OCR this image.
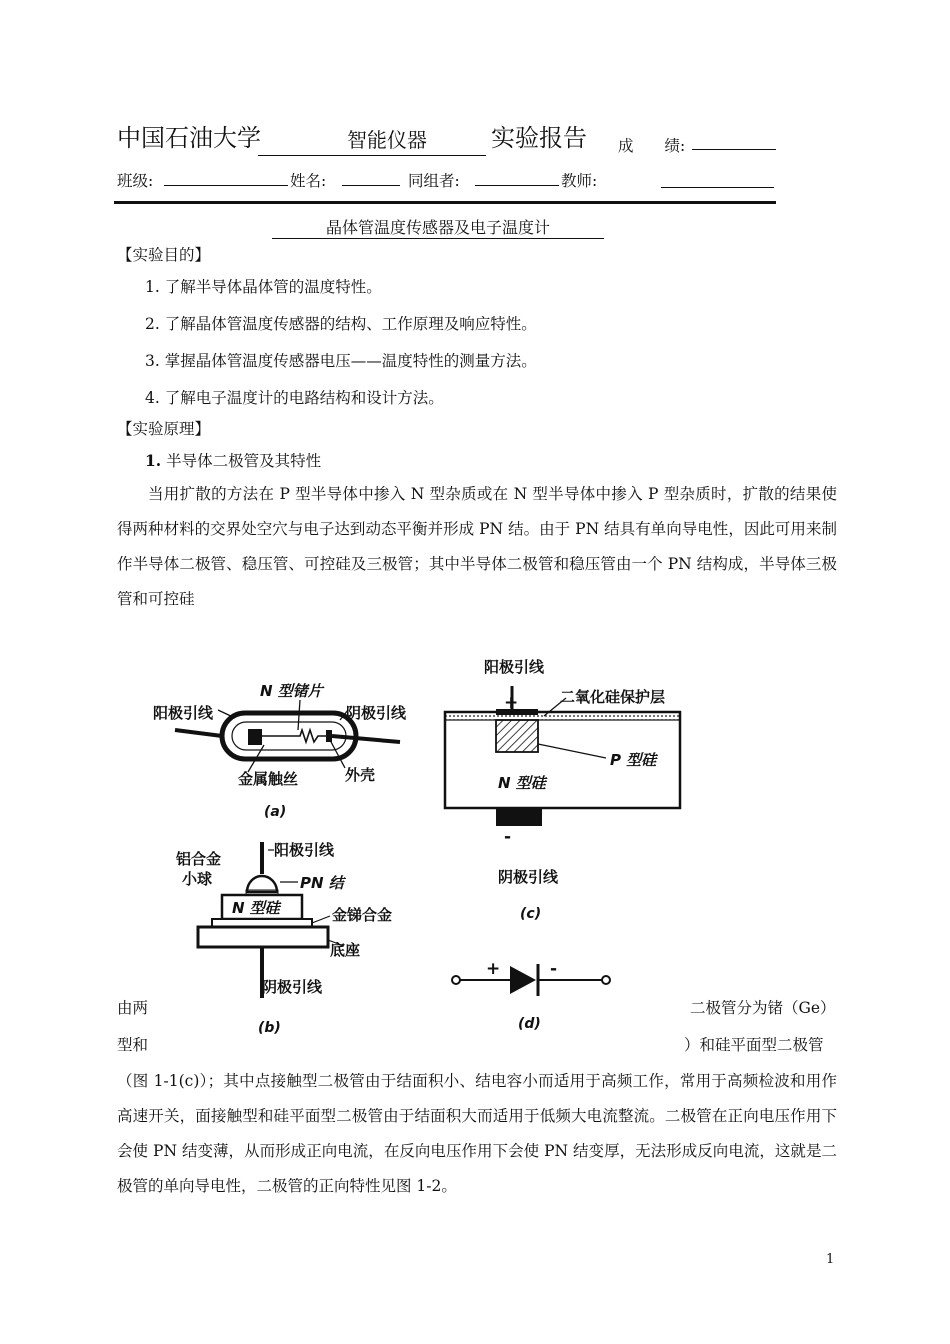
中国石油大学	智能仪器	实验报告 成　　绩:
班级:	姓名:	同组者:	教师:
晶体管温度传感器及电子温度计
【实验目的】
1. 了解半导体晶体管的温度特性。
2. 了解晶体管温度传感器的结构、工作原理及响应特性。
3. 掌握晶体管温度传感器电压——温度特性的测量方法。
4. 了解电子温度计的电路结构和设计方法。
【实验原理】
1. 半导体二极管及其特性
当用扩散的方法在 P 型半导体中掺入 N 型杂质或在 N 型半导体中掺入 P 型杂质时，扩散的结果使得两种材料的交界处空穴与电子达到动态平衡并形成 PN 结。由于 PN 结具有单向导电性，因此可用来制作半导体二极管、稳压管、可控硅及三极管；其中半导体二极管和稳压管由一个 PN 结构成，半导体三极管和可控硅
由两	二极管分为锗（Ge）
型和	）和硅平面型二极管
（图 1-1(c)）；其中点接触型二极管由于结面积小、结电容小而适用于高频工作，常用于高频检波和用作高速开关，面接触型和硅平面型二极管由于结面积大而适用于低频大电流整流。二极管在正向电压作用下会使 PN 结变薄，从而形成正向电流，在反向电压作用下会使 PN 结变厚，无法形成反向电流，这就是二极管的单向导电性，二极管的正向特性见图 1-2。
N 型锗片
阳极引线	阴极引线
金属触丝	外壳
(a)
阳极引线
+	二氧化硅保护层
P 型硅
N 型硅
-
阴极引线
(c)
铝合金
小球
阳极引线
PN 结
N 型硅	金锑合金
底座
阴极引线
(b)
+	-
(d)
1
